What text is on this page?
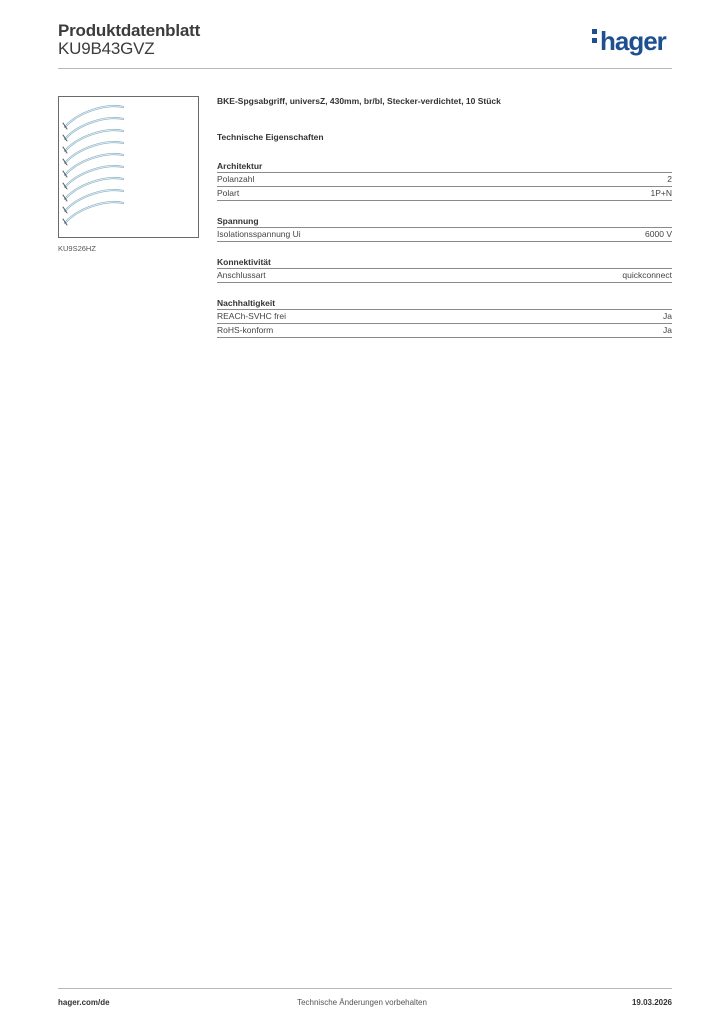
Produktdatenblatt
KU9B43GVZ	hager
KU9S26HZ
BKE-Spgsabgriff, universZ, 430mm, br/bl, Stecker-verdichtet, 10 Stück
Technische Eigenschaften
Architektur
Polanzahl	2
Polart	1P+N
Spannung
Isolationsspannung Ui	6000 V
Konnektivität
Anschlussart	quickconnect
Nachhaltigkeit
REACh-SVHC frei	Ja
RoHS-konform	Ja
hager.com/de	Technische Änderungen vorbehalten	19.03.2026
